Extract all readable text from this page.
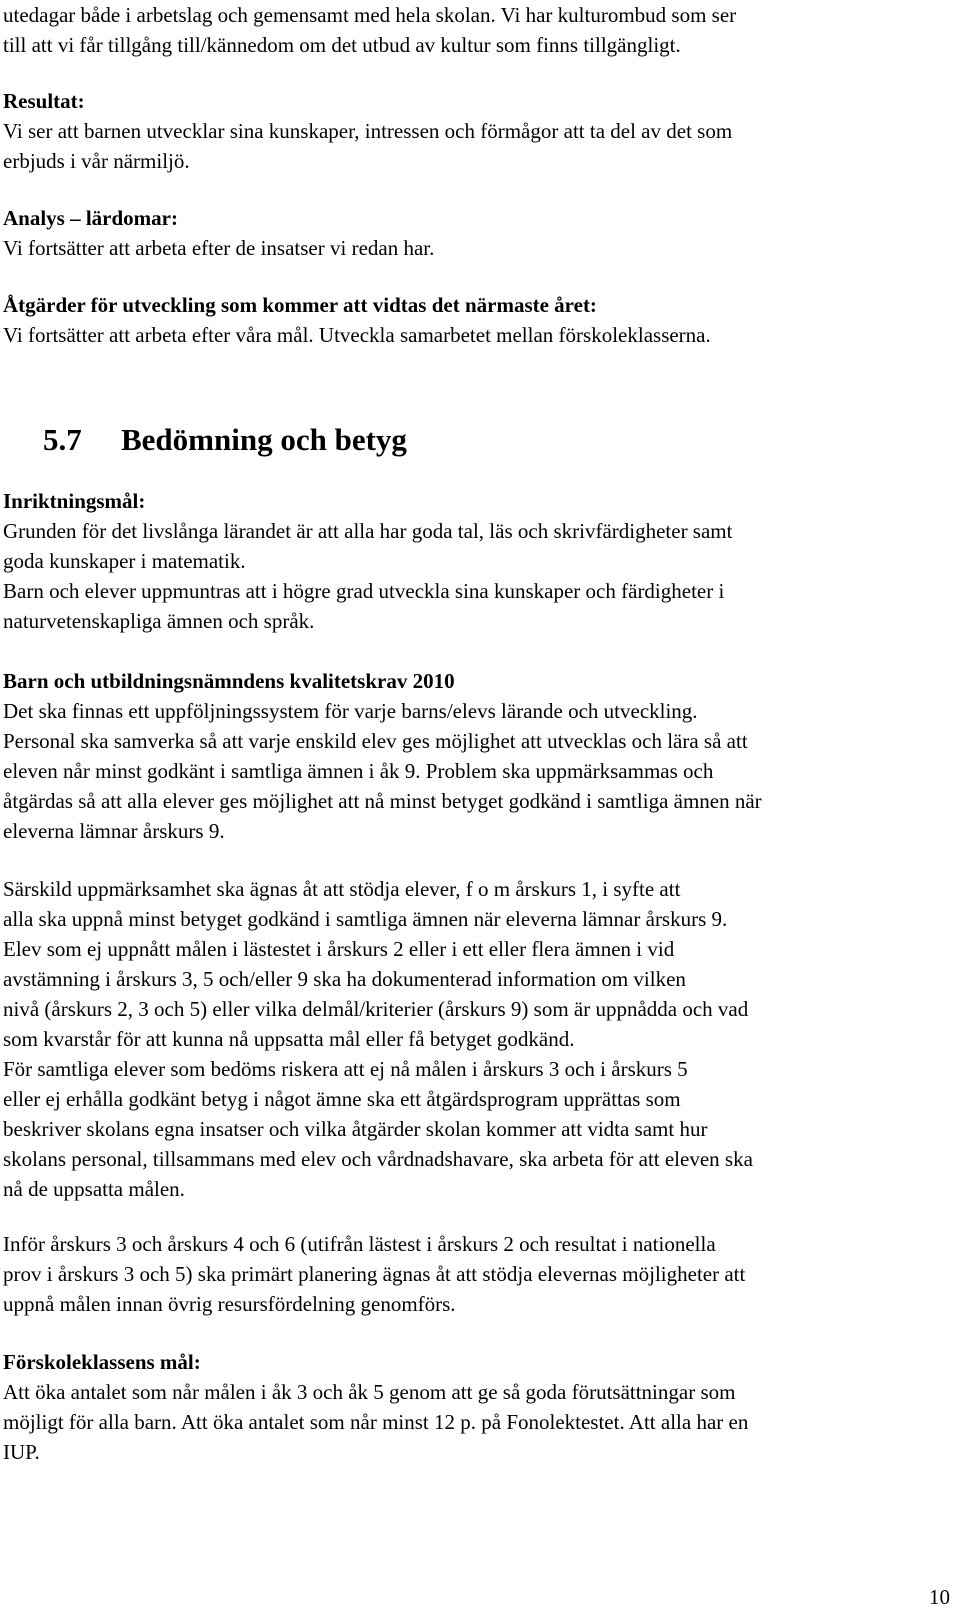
utedagar både i arbetslag och gemensamt med hela skolan. Vi har kulturombud som ser
till att vi får tillgång till/kännedom om det utbud av kultur som finns tillgängligt.
Resultat:
Vi ser att barnen utvecklar sina kunskaper, intressen och förmågor att ta del av det som
erbjuds i vår närmiljö.
Analys – lärdomar:
Vi fortsätter att arbeta efter de insatser vi redan har.
Åtgärder för utveckling som kommer att vidtas det närmaste året:
Vi fortsätter att arbeta efter våra mål. Utveckla samarbetet mellan förskoleklasserna.
5.7 Bedömning och betyg
Inriktningsmål:
Grunden för det livslånga lärandet är att alla har goda tal, läs och skrivfärdigheter samt
goda kunskaper i matematik.
Barn och elever uppmuntras att i högre grad utveckla sina kunskaper och färdigheter i
naturvetenskapliga ämnen och språk.
Barn och utbildningsnämndens kvalitetskrav 2010
Det ska finnas ett uppföljningssystem för varje barns/elevs lärande och utveckling.
Personal ska samverka så att varje enskild elev ges möjlighet att utvecklas och lära så att
eleven når minst godkänt i samtliga ämnen i åk 9. Problem ska uppmärksammas och
åtgärdas så att alla elever ges möjlighet att nå minst betyget godkänd i samtliga ämnen när
eleverna lämnar årskurs 9.
Särskild uppmärksamhet ska ägnas åt att stödja elever, f o m årskurs 1, i syfte att
alla ska uppnå minst betyget godkänd i samtliga ämnen när eleverna lämnar årskurs 9.
Elev som ej uppnått målen i lästestet i årskurs 2 eller i ett eller flera ämnen i vid
avstämning i årskurs 3, 5 och/eller 9 ska ha dokumenterad information om vilken
nivå (årskurs 2, 3 och 5) eller vilka delmål/kriterier (årskurs 9) som är uppnådda och vad
som kvarstår för att kunna nå uppsatta mål eller få betyget godkänd.
För samtliga elever som bedöms riskera att ej nå målen i årskurs 3 och i årskurs 5
eller ej erhålla godkänt betyg i något ämne ska ett åtgärdsprogram upprättas som
beskriver skolans egna insatser och vilka åtgärder skolan kommer att vidta samt hur
skolans personal, tillsammans med elev och vårdnadshavare, ska arbeta för att eleven ska
nå de uppsatta målen.
Inför årskurs 3 och årskurs 4 och 6 (utifrån lästest i årskurs 2 och resultat i nationella
prov i årskurs 3 och 5) ska primärt planering ägnas åt att stödja elevernas möjligheter att
uppnå målen innan övrig resursfördelning genomförs.
Förskoleklassens mål:
Att öka antalet som når målen i åk 3 och åk 5 genom att ge så goda förutsättningar som
möjligt för alla barn. Att öka antalet som når minst 12 p. på Fonolektestet. Att alla har en
IUP.
10
